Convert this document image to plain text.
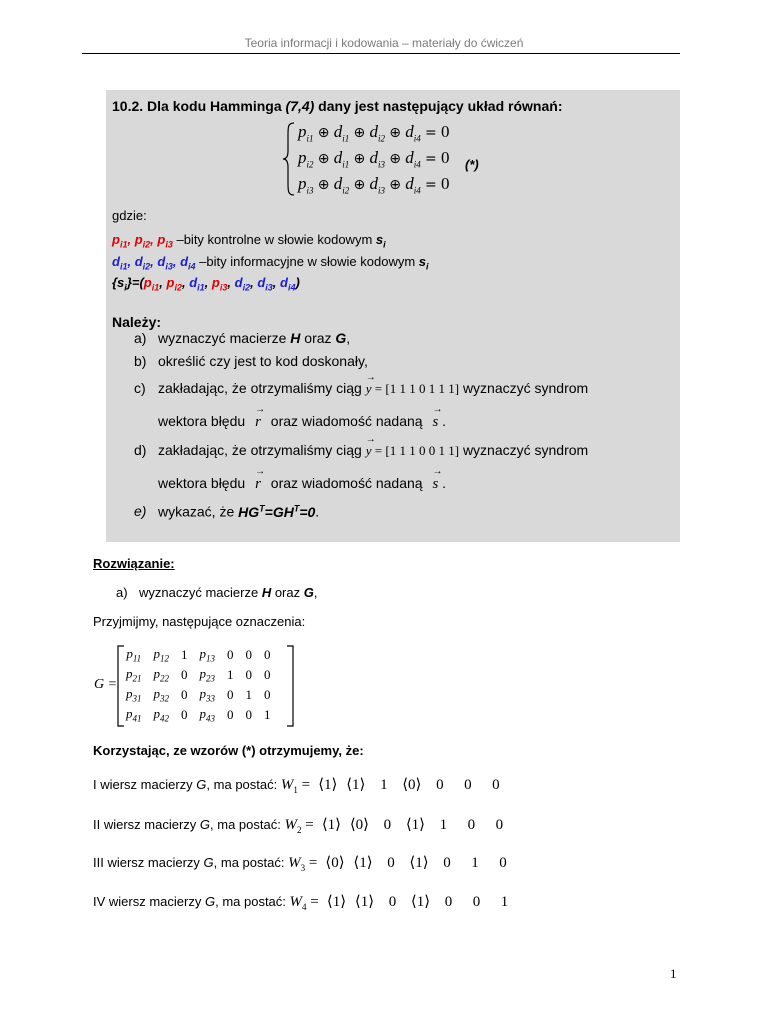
Teoria informacji i kodowania – materiały do ćwiczeń
10.2. Dla kodu Hamminga (7,4) dany jest następujący układ równań:
$p_{i1}$ ⊕ $d_{i1}$ ⊕ $d_{i2}$ ⊕ $d_{i4} = 0$
$p_{i2}$ ⊕ $d_{i1}$ ⊕ $d_{i3}$ ⊕ $d_{i4} = 0$
$p_{i3}$ ⊕ $d_{i2}$ ⊕ $d_{i3}$ ⊕ $d_{i4} = 0$
(*)
gdzie:
$p_{i1}$, $p_{i2}$, $p_{i3}$ –bity kontrolne w słowie kodowym $s_i$
$d_{i1}$, $d_{i2}$, $d_{i3}$, $d_{i4}$ –bity informacyjne w słowie kodowym $s_i$
$\{s_i\}=(p_{i1}$, $p_{i2}$, $d_{i1}$, $p_{i3}$, $d_{i2}$, $d_{i3}$, $d_{i4}$)
Należy:
a) wyznaczyć macierze H oraz G,
b) określić czy jest to kod doskonały,
c) zakładając, że otrzymaliśmy ciąg y
→
= [1 1 1 0 1 1 1] wyznaczyć syndrom
wektora błędu r
→
oraz wiadomość nadaną s
→
.
d) zakładając, że otrzymaliśmy ciąg y
→
= [1 1 1 0 0 1 1] wyznaczyć syndrom
wektora błędu r
→
oraz wiadomość nadaną s
→
.
e) wykazać, że $HG^T=GH^T=0$.
Rozwiązanie:
a) wyznaczyć macierze H oraz G,
Przyjmijmy, następujące oznaczenia:
G =
$p_{11}$	$p_{12}$	1	$p_{13}$	0	0	0
$p_{21}$	$p_{22}$	0	$p_{23}$	1	0	0
$p_{31}$	$p_{32}$	0	$p_{33}$	0	1	0
$p_{41}$	$p_{42}$	0	$p_{43}$	0	0	1
Korzystając, ze wzorów (*) otrzymujemy, że:
I wiersz macierzy G, ma postać: $W_1$ = ⟨1⟩ ⟨1⟩ 1 ⟨0⟩ 0 0 0
II wiersz macierzy G, ma postać: $W_2$ = ⟨1⟩ ⟨0⟩ 0 ⟨1⟩ 1 0 0
III wiersz macierzy G, ma postać: $W_3$ = ⟨0⟩ ⟨1⟩ 0 ⟨1⟩ 0 1 0
IV wiersz macierzy G, ma postać: $W_4$ = ⟨1⟩ ⟨1⟩ 0 ⟨1⟩ 0 0 1
1
